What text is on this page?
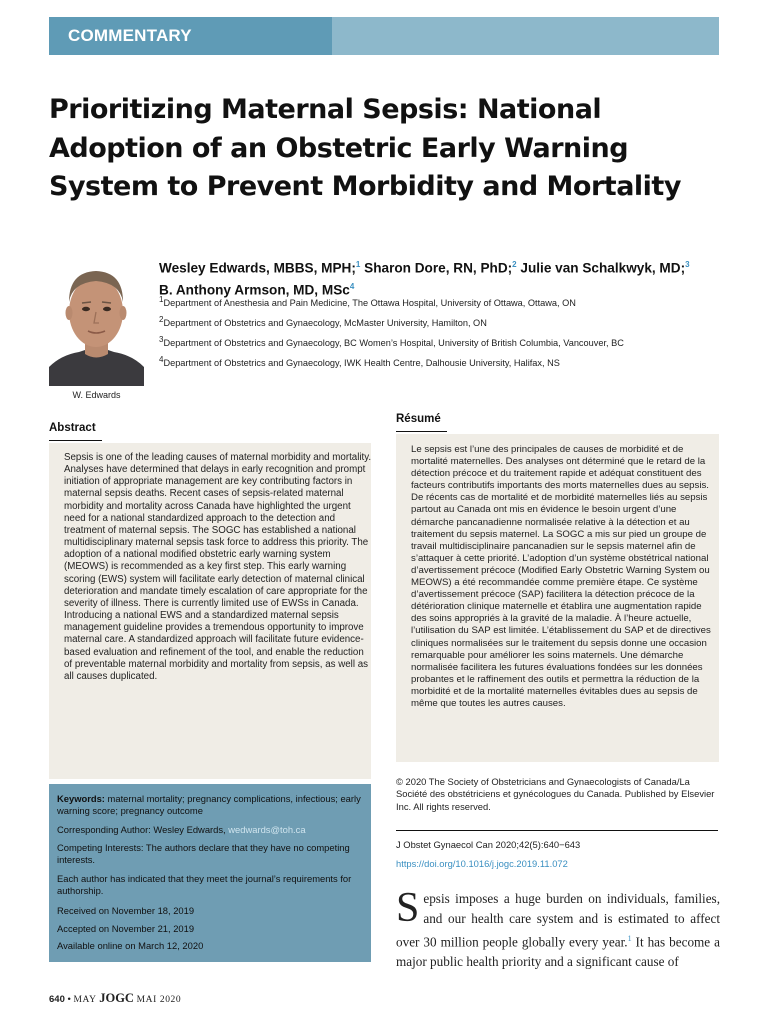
COMMENTARY
Prioritizing Maternal Sepsis: National Adoption of an Obstetric Early Warning System to Prevent Morbidity and Mortality
W. Edwards
Wesley Edwards, MBBS, MPH;$^1$ Sharon Dore, RN, PhD;$^2$ Julie van Schalkwyk, MD;$^3$
B. Anthony Armson, MD, MSc$^4$
$^1$Department of Anesthesia and Pain Medicine, The Ottawa Hospital, University of Ottawa, Ottawa, ON
$^2$Department of Obstetrics and Gynaecology, McMaster University, Hamilton, ON
$^3$Department of Obstetrics and Gynaecology, BC Women’s Hospital, University of British Columbia, Vancouver, BC
$^4$Department of Obstetrics and Gynaecology, IWK Health Centre, Dalhousie University, Halifax, NS
Abstract
Sepsis is one of the leading causes of maternal morbidity and mortality. Analyses have determined that delays in early recognition and prompt initiation of appropriate management are key contributing factors in maternal sepsis deaths. Recent cases of sepsis-related maternal morbidity and mortality across Canada have highlighted the urgent need for a national standardized approach to the detection and treatment of maternal sepsis. The SOGC has established a national multidisciplinary maternal sepsis task force to address this priority. The adoption of a national modified obstetric early warning system (MEOWS) is recommended as a key first step. This early warning scoring (EWS) system will facilitate early detection of maternal clinical deterioration and mandate timely escalation of care appropriate for the severity of illness. There is currently limited use of EWSs in Canada. Introducing a national EWS and a standardized maternal sepsis management guideline provides a tremendous opportunity to improve maternal care. A standardized approach will facilitate future evidence-based evaluation and refinement of the tool, and enable the reduction of preventable maternal morbidity and mortality from sepsis, as well as all causes duplicated.
Résumé
Le sepsis est l’une des principales de causes de morbidité et de mortalité maternelles. Des analyses ont déterminé que le retard de la détection précoce et du traitement rapide et adéquat constituent des facteurs contributifs importants des morts maternelles dues au sepsis. De récents cas de mortalité et de morbidité maternelles liés au sepsis partout au Canada ont mis en évidence le besoin urgent d’une démarche pancanadienne normalisée relative à la détection et au traitement du sepsis maternel. La SOGC a mis sur pied un groupe de travail multidisciplinaire pancanadien sur le sepsis maternel afin de s’attaquer à cette priorité. L’adoption d’un système obstétrical national d’avertissement précoce (Modified Early Obstetric Warning System ou MEOWS) a été recommandée comme première étape. Ce système d’avertissement précoce (SAP) facilitera la détection précoce de la détérioration clinique maternelle et établira une augmentation rapide des soins appropriés à la gravité de la maladie. À l’heure actuelle, l’utilisation du SAP est limitée. L’établissement du SAP et de directives cliniques normalisées sur le traitement du sepsis donne une occasion remarquable pour améliorer les soins maternels. Une démarche normalisée facilitera les futures évaluations fondées sur les données probantes et le raffinement des outils et permettra la réduction de la morbidité et de la mortalité maternelles évitables dues au sepsis de même que toutes les autres causes.
Keywords: maternal mortality; pregnancy complications, infectious; early warning score; pregnancy outcome
Corresponding Author: Wesley Edwards, wedwards@toh.ca
Competing Interests: The authors declare that they have no competing interests.
Each author has indicated that they meet the journal’s requirements for authorship.
Received on November 18, 2019
Accepted on November 21, 2019
Available online on March 12, 2020
© 2020 The Society of Obstetricians and Gynaecologists of Canada/La Société des obstétriciens et gynécologues du Canada. Published by Elsevier Inc. All rights reserved.
J Obstet Gynaecol Can 2020;42(5):640−643
https://doi.org/10.1016/j.jogc.2019.11.072
Sepsis imposes a huge burden on individuals, families, and our health care system and is estimated to affect over 30 million people globally every year.$^1$ It has become a major public health priority and a significant cause of
640 • MAY JOGC MAI 2020
